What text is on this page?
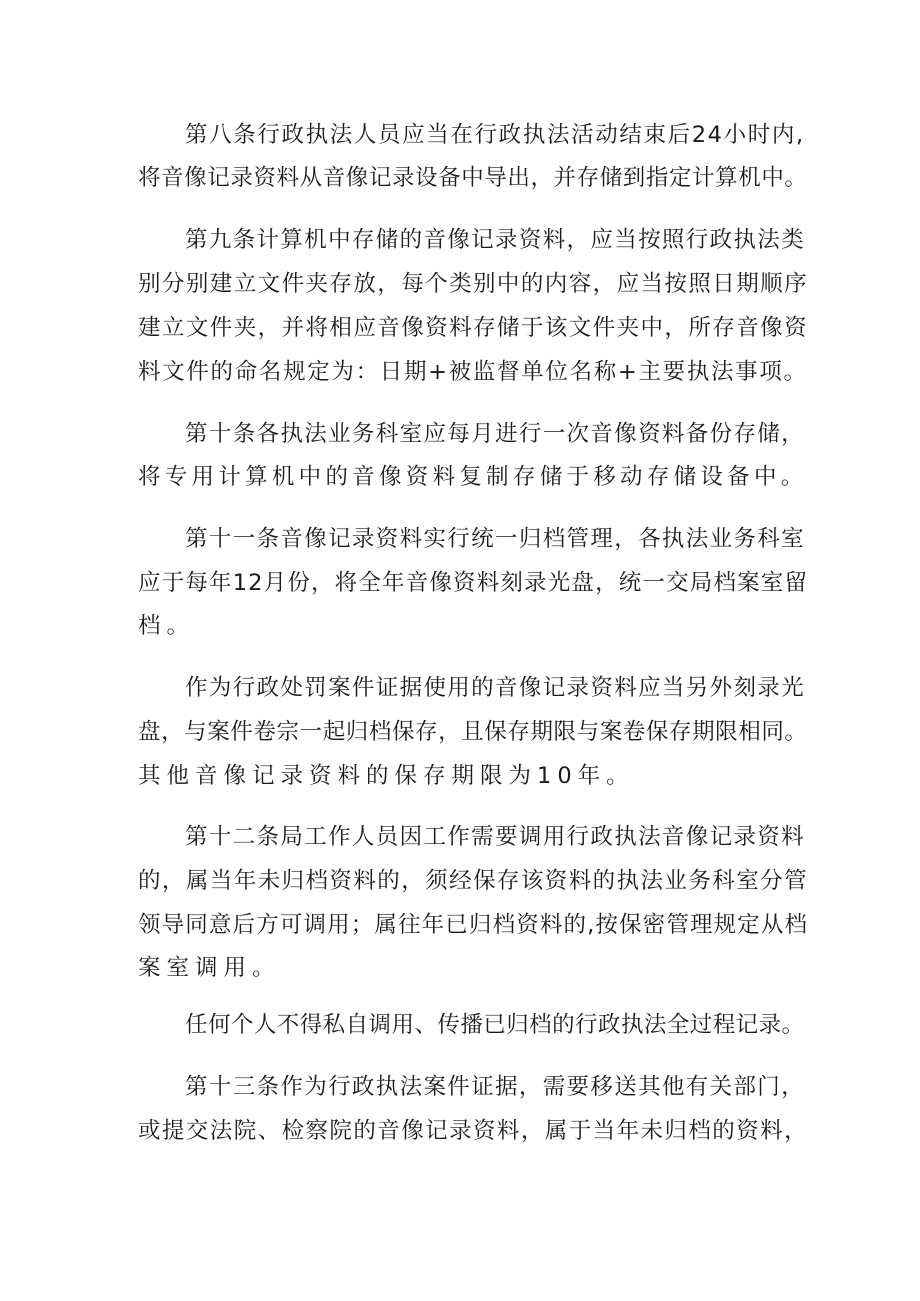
第八条行政执法人员应当在行政执法活动结束后24小时内,
将音像记录资料从音像记录设备中导出，并存储到指定计算机中。
第九条计算机中存储的音像记录资料，应当按照行政执法类
别分别建立文件夹存放，每个类别中的内容，应当按照日期顺序
建立文件夹，并将相应音像资料存储于该文件夹中，所存音像资
料文件的命名规定为：日期+被监督单位名称+主要执法事项。
第十条各执法业务科室应每月进行一次音像资料备份存储，
将专用计算机中的音像资料复制存储于移动存储设备中。
第十一条音像记录资料实行统一归档管理，各执法业务科室
应于每年12月份，将全年音像资料刻录光盘，统一交局档案室留
档。
作为行政处罚案件证据使用的音像记录资料应当另外刻录光
盘，与案件卷宗一起归档保存，且保存期限与案卷保存期限相同。
其他音像记录资料的保存期限为10年。
第十二条局工作人员因工作需要调用行政执法音像记录资料
的，属当年未归档资料的，须经保存该资料的执法业务科室分管
领导同意后方可调用；属往年已归档资料的,按保密管理规定从档
案室调用。
任何个人不得私自调用、传播已归档的行政执法全过程记录。
第十三条作为行政执法案件证据，需要移送其他有关部门，
或提交法院、检察院的音像记录资料，属于当年未归档的资料，
